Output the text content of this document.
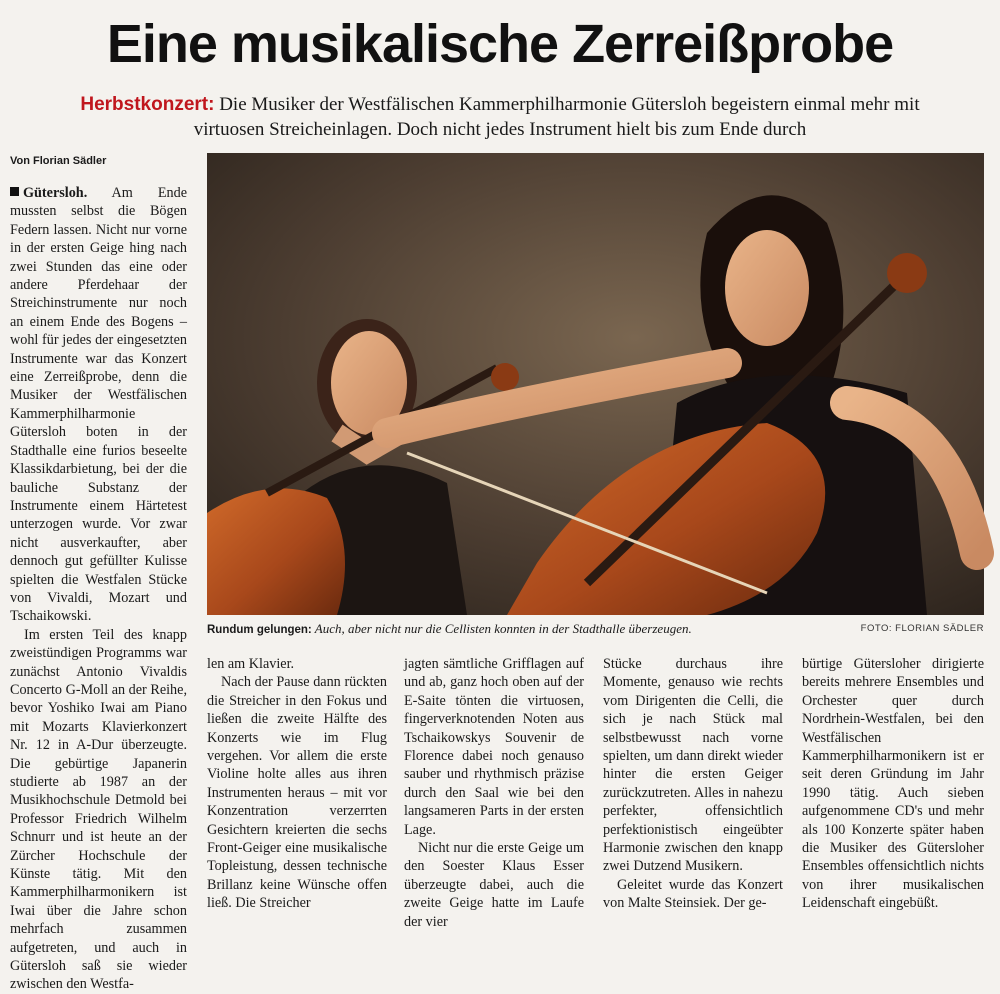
Eine musikalische Zerreißprobe
Herbstkonzert: Die Musiker der Westfälischen Kammerphilharmonie Gütersloh begeistern einmal mehr mit virtuosen Streicheinlagen. Doch nicht jedes Instrument hielt bis zum Ende durch
Von Florian Sädler

Gütersloh. Am Ende mussten selbst die Bögen Federn lassen. Nicht nur vorne in der ersten Geige hing nach zwei Stunden das eine oder andere Pferdehaar der Streichinstrumente nur noch an einem Ende des Bogens – wohl für jedes der eingesetzten Instrumente war das Konzert eine Zerreißprobe, denn die Musiker der Westfälischen Kammerphilharmonie Gütersloh boten in der Stadthalle eine furios beseelte Klassikdarbietung, bei der die bauliche Substanz der Instrumente einem Härtetest unterzogen wurde. Vor zwar nicht ausverkaufter, aber dennoch gut gefüllter Kulisse spielten die Westfalen Stücke von Vivaldi, Mozart und Tschaikowski.

Im ersten Teil des knapp zweistündigen Programms war zunächst Antonio Vivaldis Concerto G-Moll an der Reihe, bevor Yoshiko Iwai am Piano mit Mozarts Klavierkonzert Nr. 12 in A-Dur überzeugte. Die gebürtige Japanerin studierte ab 1987 an der Musikhochschule Detmold bei Professor Friedrich Wilhelm Schnurr und ist heute an der Zürcher Hochschule der Künste tätig. Mit den Kammerphilharmonikern ist Iwai über die Jahre schon mehrfach zusammen aufgetreten, und auch in Gütersloh saß sie wieder zwischen den Westfa-

Rundum gelungen: Auch, aber nicht nur die Cellisten konnten in der Stadthalle überzeugen.	FOTO: FLORIAN SÄDLER

len am Klavier.

Nach der Pause dann rückten die Streicher in den Fokus und ließen die zweite Hälfte des Konzerts wie im Flug vergehen. Vor allem die erste Violine holte alles aus ihren Instrumenten heraus – mit vor Konzentration verzerrten Gesichtern kreierten die sechs Front-Geiger eine musikalische Topleistung, dessen technische Brillanz keine Wünsche offen ließ. Die Streicher

jagten sämtliche Grifflagen auf und ab, ganz hoch oben auf der E-Saite tönten die virtuosen, fingerverknotenden Noten aus Tschaikowskys Souvenir de Florence dabei noch genauso sauber und rhythmisch präzise durch den Saal wie bei den langsameren Parts in der ersten Lage.

Nicht nur die erste Geige um den Soester Klaus Esser überzeugte dabei, auch die zweite Geige hatte im Laufe der vier

Stücke durchaus ihre Momente, genauso wie rechts vom Dirigenten die Celli, die sich je nach Stück mal selbstbewusst nach vorne spielten, um dann direkt wieder hinter die ersten Geiger zurückzutreten. Alles in nahezu perfekter, offensichtlich perfektionistisch eingeübter Harmonie zwischen den knapp zwei Dutzend Musikern.

Geleitet wurde das Konzert von Malte Steinsiek. Der ge-

bürtige Gütersloher dirigierte bereits mehrere Ensembles und Orchester quer durch Nordrhein-Westfalen, bei den Westfälischen Kammerphilharmonikern ist er seit deren Gründung im Jahr 1990 tätig. Auch sieben aufgenommene CD's und mehr als 100 Konzerte später haben die Musiker des Gütersloher Ensembles offensichtlich nichts von ihrer musikalischen Leidenschaft eingebüßt.
